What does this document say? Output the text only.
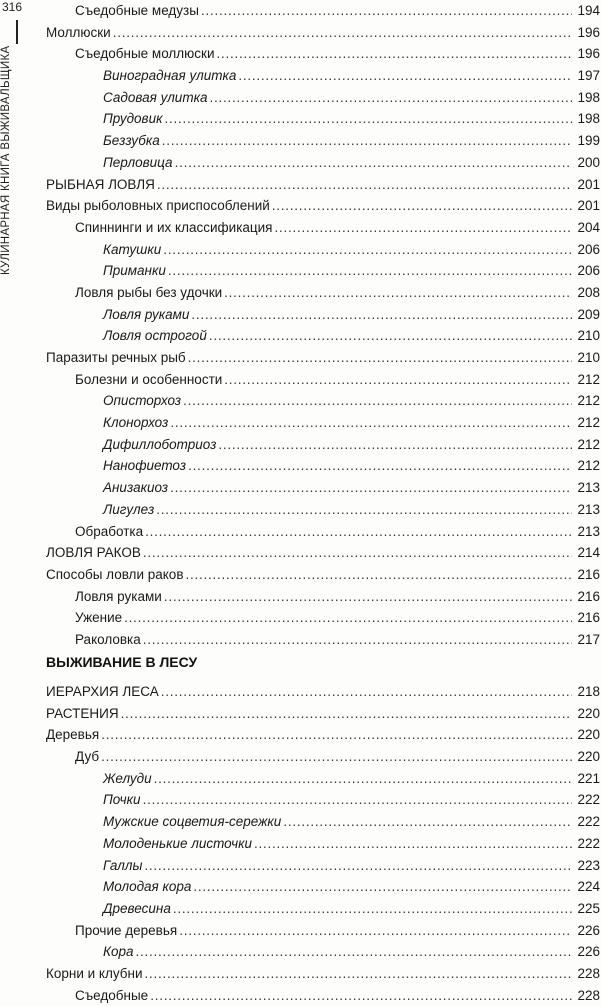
316
КУЛИНАРНАЯ КНИГА ВЫЖИВАЛЬЩИКА
Съедобные медузы . . .	194
Моллюски . . .	196
Съедобные моллюски . . .	196
Виноградная улитка . . .	197
Садовая улитка . . .	198
Прудовик . . .	198
Беззубка . . .	199
Перловица . . .	200
РЫБНАЯ ЛОВЛЯ . . .	201
Виды рыболовных приспособлений . . .	201
Спиннинги и их классификация . . .	204
Катушки . . .	206
Приманки . . .	206
Ловля рыбы без удочки . . .	208
Ловля руками . . .	209
Ловля острогой . . .	210
Паразиты речных рыб . . .	210
Болезни и особенности . . .	212
Описторхоз . . .	212
Клонорхоз . . .	212
Дифиллоботриоз . . .	212
Нанофиетоз . . .	212
Анизакиоз . . .	213
Лигулез . . .	213
Обработка . . .	213
ЛОВЛЯ РАКОВ . . .	214
Способы ловли раков . . .	216
Ловля руками . . .	216
Ужение . . .	216
Раколовка . . .	217
ВЫЖИВАНИЕ В ЛЕСУ
ИЕРАРХИЯ ЛЕСА . . .	218
РАСТЕНИЯ . . .	220
Деревья . . .	220
Дуб . . .	220
Желуди . . .	221
Почки . . .	222
Мужские соцветия-сережки . . .	222
Молоденькие листочки . . .	222
Галлы . . .	223
Молодая кора . . .	224
Древесина . . .	225
Прочие деревья . . .	226
Кора . . .	226
Корни и клубни . . .	228
Съедобные . . .	228
